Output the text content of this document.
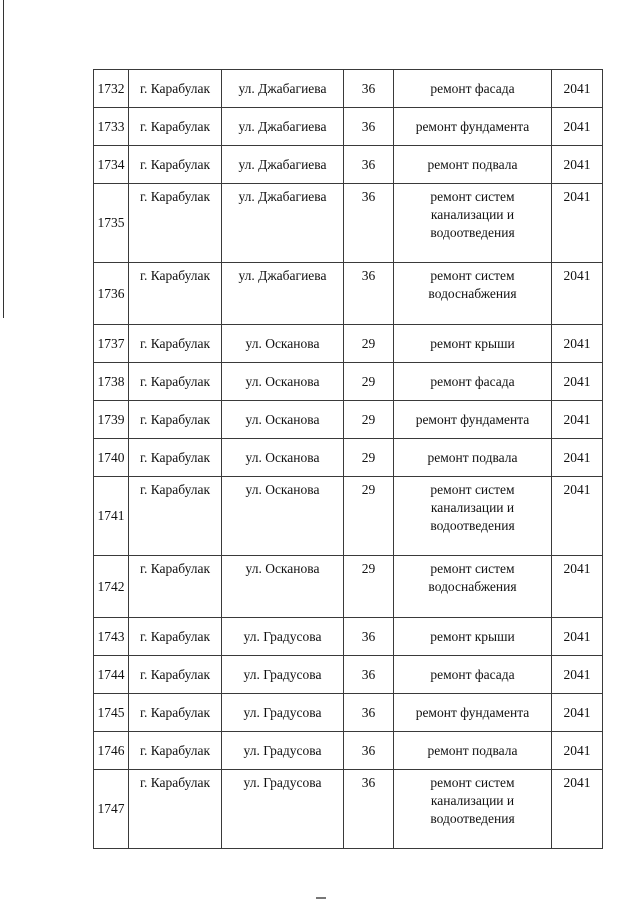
1732	г. Карабулак	ул. Джабагиева	36	ремонт фасада	2041
1733	г. Карабулак	ул. Джабагиева	36	ремонт фундамента	2041
1734	г. Карабулак	ул. Джабагиева	36	ремонт подвала	2041
1735	г. Карабулак	ул. Джабагиева	36	ремонт систем
канализации и
водоотведения	2041
1736	г. Карабулак	ул. Джабагиева	36	ремонт систем
водоснабжения	2041
1737	г. Карабулак	ул. Осканова	29	ремонт крыши	2041
1738	г. Карабулак	ул. Осканова	29	ремонт фасада	2041
1739	г. Карабулак	ул. Осканова	29	ремонт фундамента	2041
1740	г. Карабулак	ул. Осканова	29	ремонт подвала	2041
1741	г. Карабулак	ул. Осканова	29	ремонт систем
канализации и
водоотведения	2041
1742	г. Карабулак	ул. Осканова	29	ремонт систем
водоснабжения	2041
1743	г. Карабулак	ул. Градусова	36	ремонт крыши	2041
1744	г. Карабулак	ул. Градусова	36	ремонт фасада	2041
1745	г. Карабулак	ул. Градусова	36	ремонт фундамента	2041
1746	г. Карабулак	ул. Градусова	36	ремонт подвала	2041
1747	г. Карабулак	ул. Градусова	36	ремонт систем
канализации и
водоотведения	2041
